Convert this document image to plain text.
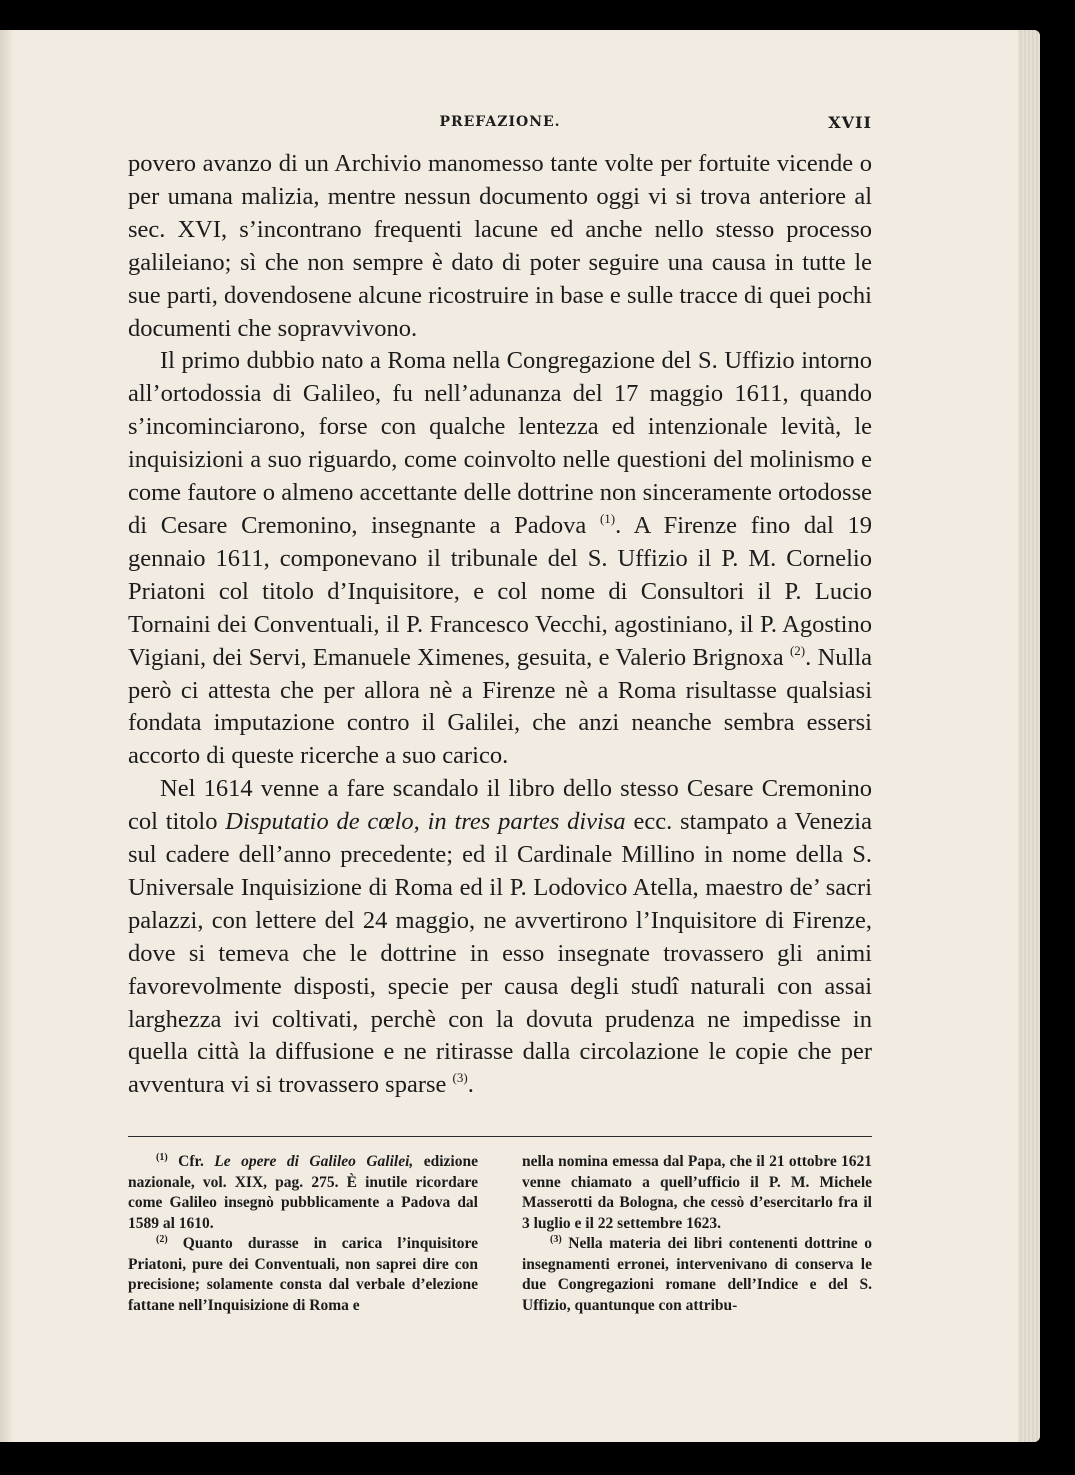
PREFAZIONE.	XVII

povero avanzo di un Archivio manomesso tante volte per fortuite vicende o per umana malizia, mentre nessun documento oggi vi si trova anteriore al sec. XVI, s’incontrano frequenti lacune ed anche nello stesso processo galileiano; sì che non sempre è dato di poter seguire una causa in tutte le sue parti, dovendosene alcune ricostruire in base e sulle tracce di quei pochi documenti che sopravvivono.

Il primo dubbio nato a Roma nella Congregazione del S. Uffizio intorno all’ortodossia di Galileo, fu nell’adunanza del 17 maggio 1611, quando s’incominciarono, forse con qualche lentezza ed intenzionale levità, le inquisizioni a suo riguardo, come coinvolto nelle questioni del molinismo e come fautore o almeno accettante delle dottrine non sinceramente ortodosse di Cesare Cremonino, insegnante a Padova $^{(1)}$. A Firenze fino dal 19 gennaio 1611, componevano il tribunale del S. Uffizio il P. M. Cornelio Priatoni col titolo d’Inquisitore, e col nome di Consultori il P. Lucio Tornaini dei Conventuali, il P. Francesco Vecchi, agostiniano, il P. Agostino Vigiani, dei Servi, Emanuele Ximenes, gesuita, e Valerio Brignoxa $^{(2)}$. Nulla però ci attesta che per allora nè a Firenze nè a Roma risultasse qualsiasi fondata imputazione contro il Galilei, che anzi neanche sembra essersi accorto di queste ricerche a suo carico.

Nel 1614 venne a fare scandalo il libro dello stesso Cesare Cremonino col titolo Disputatio de cœlo, in tres partes divisa ecc. stampato a Venezia sul cadere dell’anno precedente; ed il Cardinale Millino in nome della S. Universale Inquisizione di Roma ed il P. Lodovico Atella, maestro de’ sacri palazzi, con lettere del 24 maggio, ne avvertirono l’Inquisitore di Firenze, dove si temeva che le dottrine in esso insegnate trovassero gli animi favorevolmente disposti, specie per causa degli studî naturali con assai larghezza ivi coltivati, perchè con la dovuta prudenza ne impedisse in quella città la diffusione e ne ritirasse dalla circolazione le copie che per avventura vi si trovassero sparse $^{(3)}$.

$^{(1)}$ Cfr. Le opere di Galileo Galilei, edizione nazionale, vol. XIX, pag. 275. È inutile ricordare come Galileo insegnò pubblicamente a Padova dal 1589 al 1610.

$^{(2)}$ Quanto durasse in carica l’inquisitore Priatoni, pure dei Conventuali, non saprei dire con precisione; solamente consta dal verbale d’elezione fattane nell’Inquisizione di Roma e

nella nomina emessa dal Papa, che il 21 ottobre 1621 venne chiamato a quell’ufficio il P. M. Michele Masserotti da Bologna, che cessò d’esercitarlo fra il 3 luglio e il 22 settembre 1623.

$^{(3)}$ Nella materia dei libri contenenti dottrine o insegnamenti erronei, intervenivano di conserva le due Congregazioni romane dell’Indice e del S. Uffizio, quantunque con attribu-
